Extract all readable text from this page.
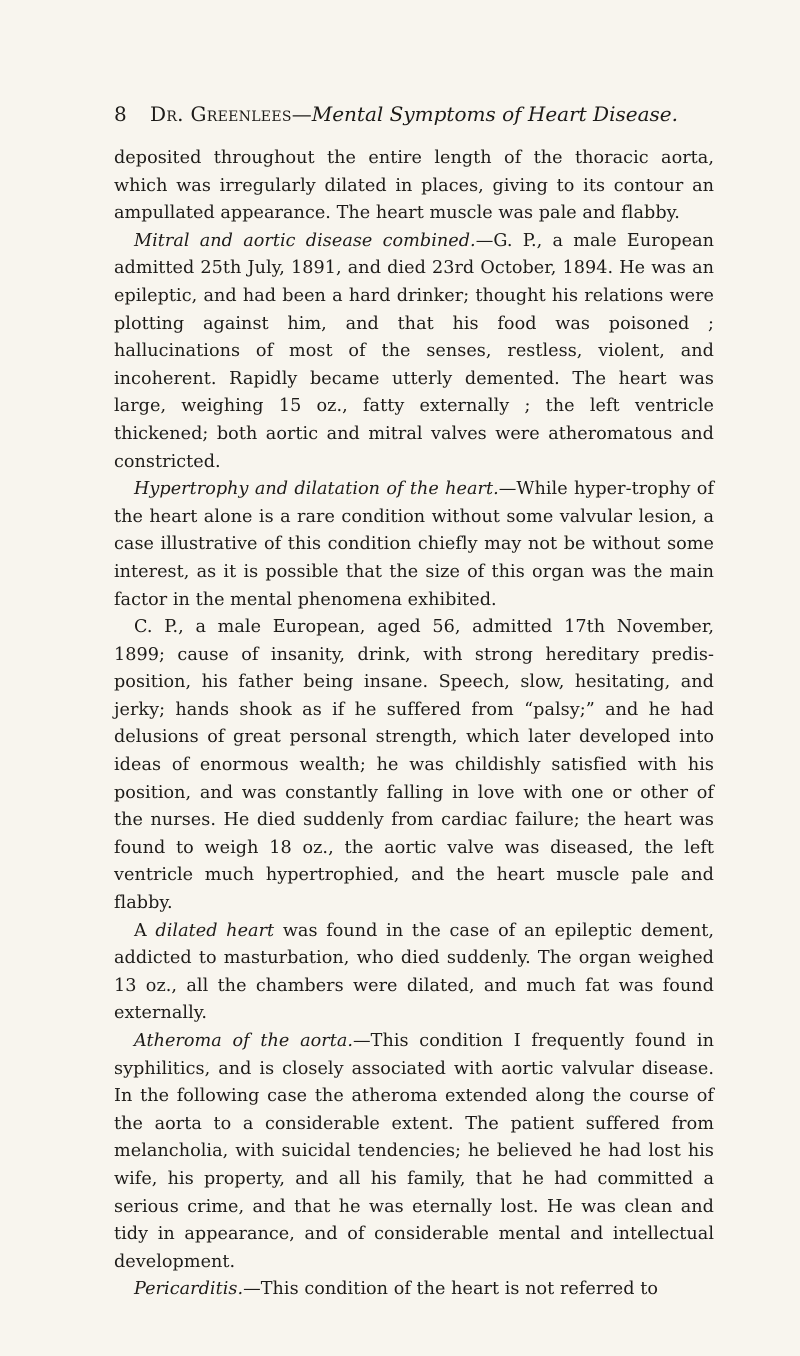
8 Dr. Greenlees—Mental Symptoms of Heart Disease.

deposited throughout the entire length of the thoracic aorta, which was irregularly dilated in places, giving to its contour an ampullated appearance. The heart muscle was pale and flabby.

Mitral and aortic disease combined.—G. P., a male European admitted 25th July, 1891, and died 23rd October, 1894. He was an epileptic, and had been a hard drinker; thought his relations were plotting against him, and that his food was poisoned ; hallucinations of most of the senses, restless, violent, and incoherent. Rapidly became utterly demented. The heart was large, weighing 15 oz., fatty externally ; the left ventricle thickened; both aortic and mitral valves were atheromatous and constricted.

Hypertrophy and dilatation of the heart.—While hyper-trophy of the heart alone is a rare condition without some valvular lesion, a case illustrative of this condition chiefly may not be without some interest, as it is possible that the size of this organ was the main factor in the mental phenomena exhibited.

C. P., a male European, aged 56, admitted 17th November, 1899; cause of insanity, drink, with strong hereditary predis-position, his father being insane. Speech, slow, hesitating, and jerky; hands shook as if he suffered from “palsy;” and he had delusions of great personal strength, which later developed into ideas of enormous wealth; he was childishly satisfied with his position, and was constantly falling in love with one or other of the nurses. He died suddenly from cardiac failure; the heart was found to weigh 18 oz., the aortic valve was diseased, the left ventricle much hypertrophied, and the heart muscle pale and flabby.

A dilated heart was found in the case of an epileptic dement, addicted to masturbation, who died suddenly. The organ weighed 13 oz., all the chambers were dilated, and much fat was found externally.

Atheroma of the aorta.—This condition I frequently found in syphilitics, and is closely associated with aortic valvular disease. In the following case the atheroma extended along the course of the aorta to a considerable extent. The patient suffered from melancholia, with suicidal tendencies; he believed he had lost his wife, his property, and all his family, that he had committed a serious crime, and that he was eternally lost. He was clean and tidy in appearance, and of considerable mental and intellectual development.

Pericarditis.—This condition of the heart is not referred to
